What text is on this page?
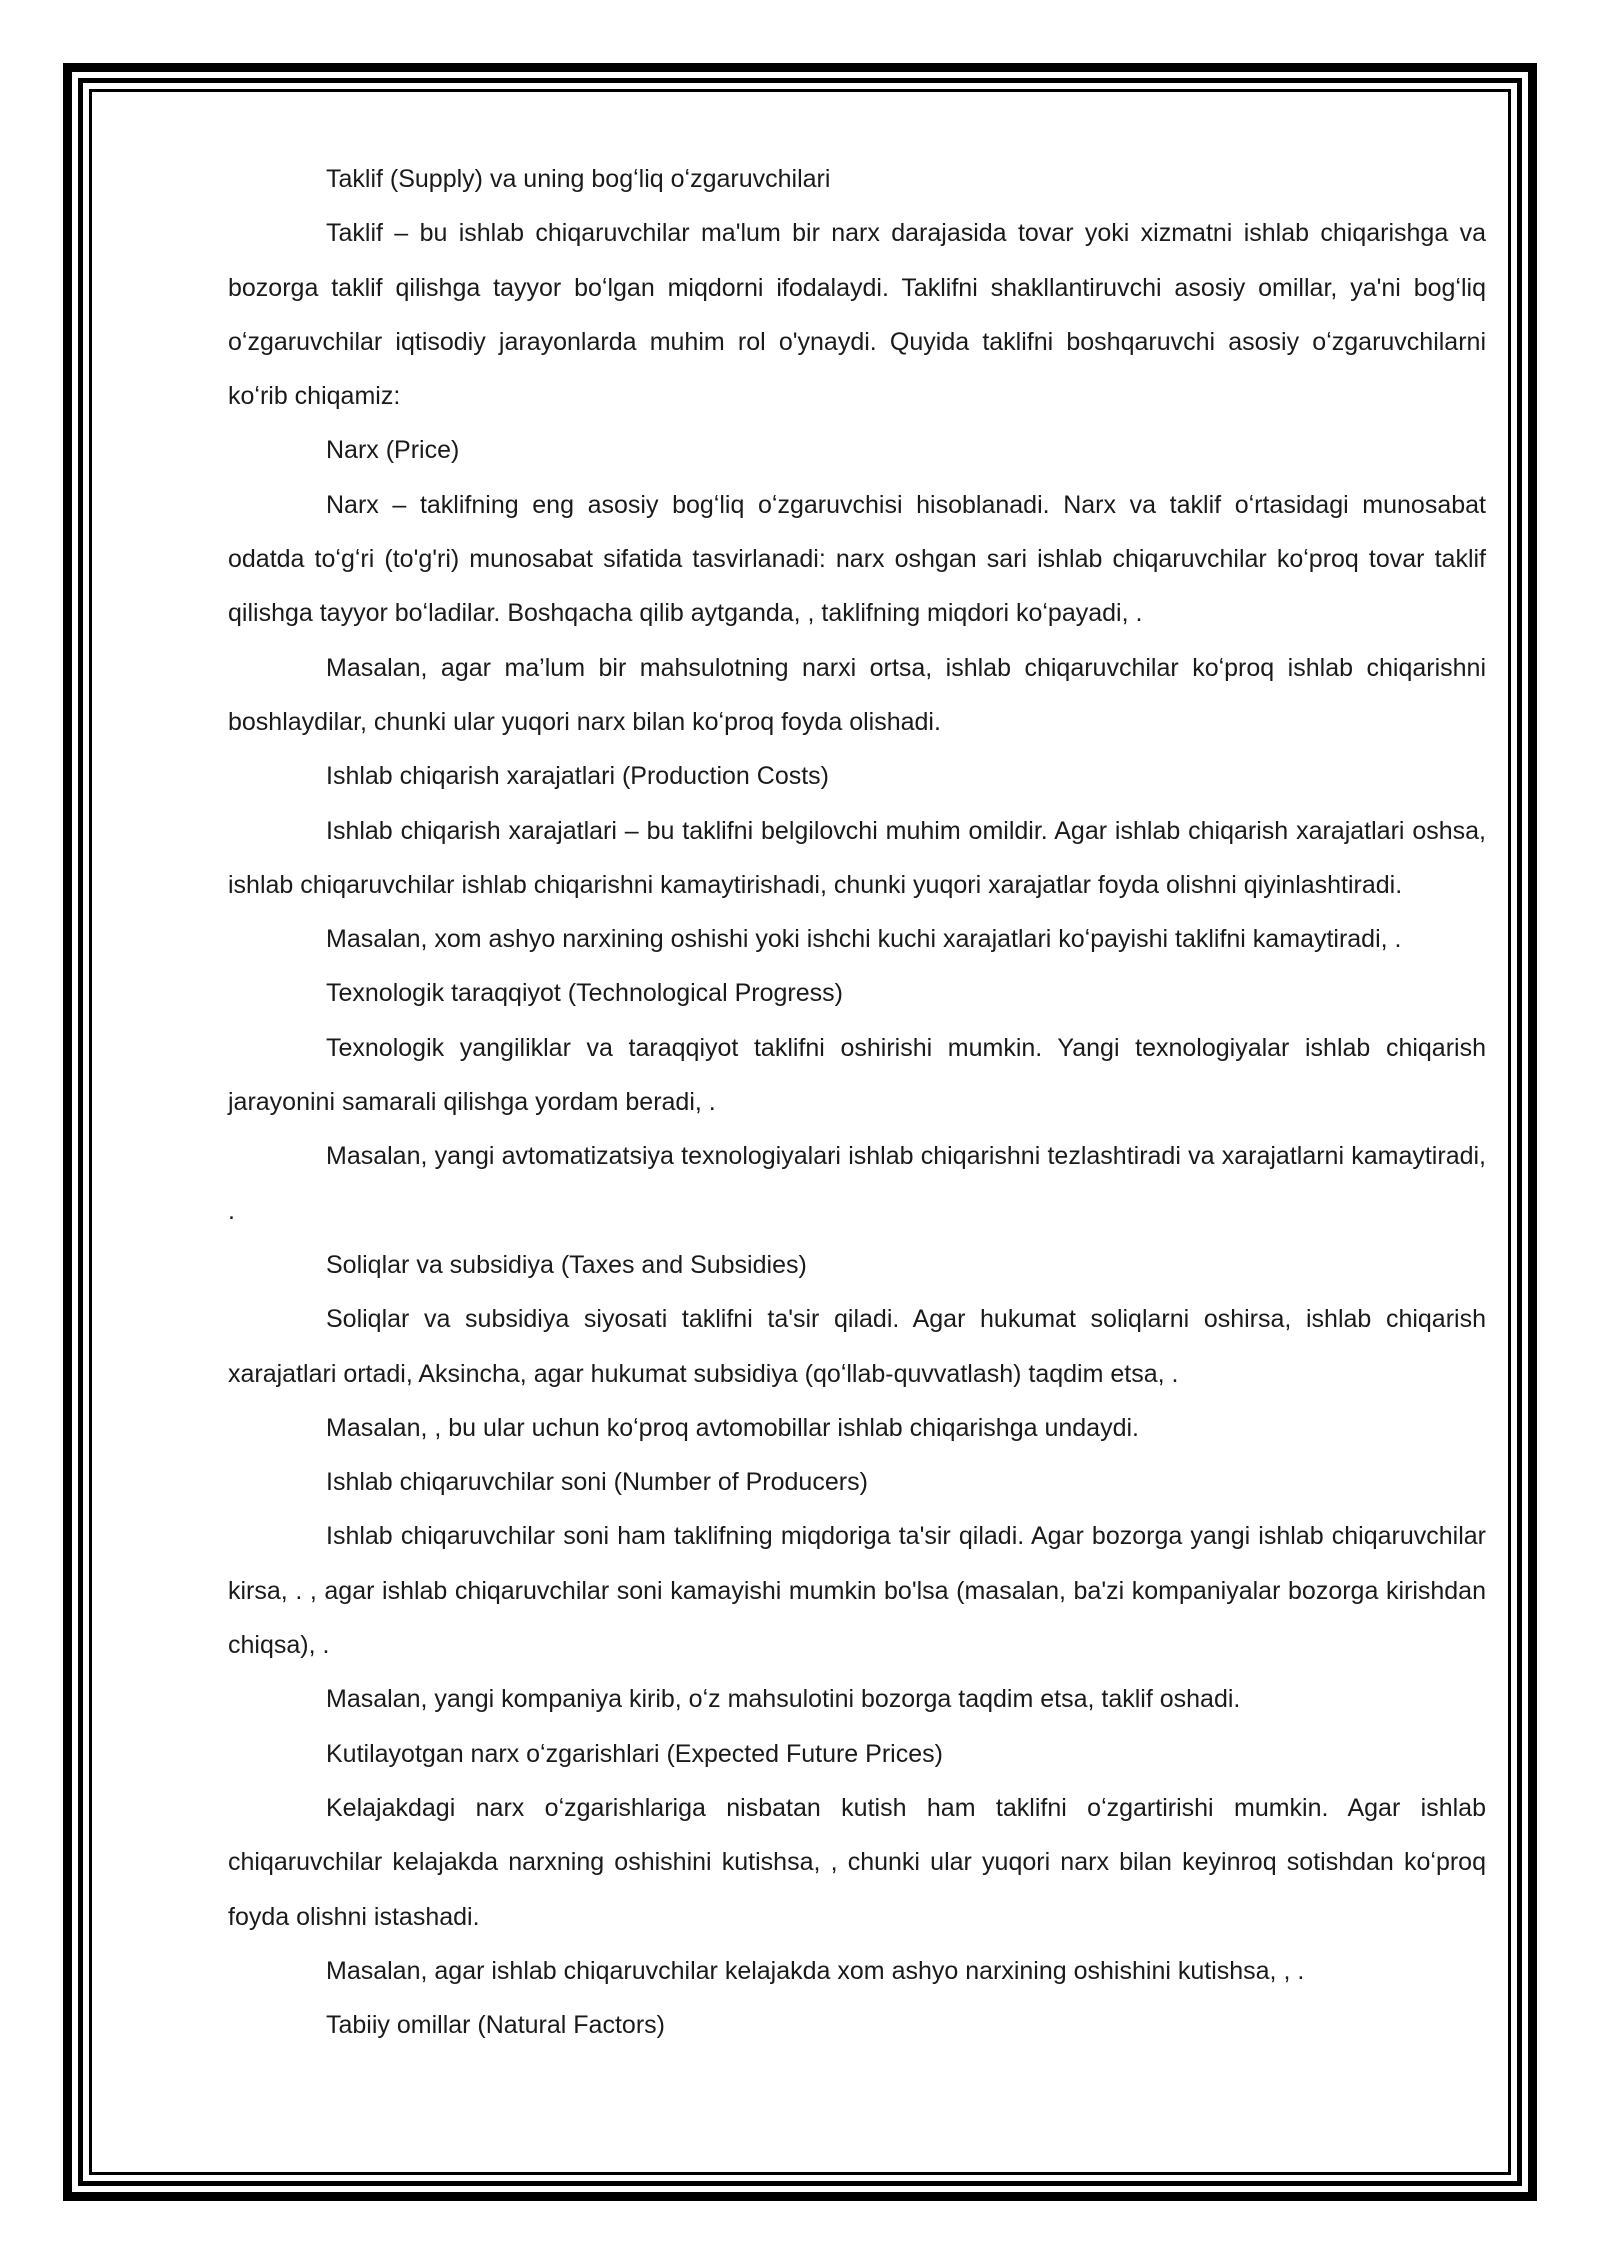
Taklif (Supply) va uning bogʻliq oʻzgaruvchilari

Taklif – bu ishlab chiqaruvchilar ma'lum bir narx darajasida tovar yoki xizmatni ishlab chiqarishga va bozorga taklif qilishga tayyor boʻlgan miqdorni ifodalaydi. Taklifni shakllantiruvchi asosiy omillar, ya'ni bogʻliq oʻzgaruvchilar iqtisodiy jarayonlarda muhim rol o'ynaydi. Quyida taklifni boshqaruvchi asosiy oʻzgaruvchilarni koʻrib chiqamiz:

Narx (Price)

Narx – taklifning eng asosiy bogʻliq oʻzgaruvchisi hisoblanadi. Narx va taklif oʻrtasidagi munosabat odatda toʻgʻri (to'g'ri) munosabat sifatida tasvirlanadi: narx oshgan sari ishlab chiqaruvchilar koʻproq tovar taklif qilishga tayyor boʻladilar. Boshqacha qilib aytganda, , taklifning miqdori koʻpayadi, .

Masalan, agar ma’lum bir mahsulotning narxi ortsa, ishlab chiqaruvchilar koʻproq ishlab chiqarishni boshlaydilar, chunki ular yuqori narx bilan koʻproq foyda olishadi.

Ishlab chiqarish xarajatlari (Production Costs)

Ishlab chiqarish xarajatlari – bu taklifni belgilovchi muhim omildir. Agar ishlab chiqarish xarajatlari oshsa, ishlab chiqaruvchilar ishlab chiqarishni kamaytirishadi, chunki yuqori xarajatlar foyda olishni qiyinlashtiradi.

Masalan, xom ashyo narxining oshishi yoki ishchi kuchi xarajatlari koʻpayishi taklifni kamaytiradi, .

Texnologik taraqqiyot (Technological Progress)

Texnologik yangiliklar va taraqqiyot taklifni oshirishi mumkin. Yangi texnologiyalar ishlab chiqarish jarayonini samarali qilishga yordam beradi, .

Masalan, yangi avtomatizatsiya texnologiyalari ishlab chiqarishni tezlashtiradi va xarajatlarni kamaytiradi, .

Soliqlar va subsidiya (Taxes and Subsidies)

Soliqlar va subsidiya siyosati taklifni ta'sir qiladi. Agar hukumat soliqlarni oshirsa, ishlab chiqarish xarajatlari ortadi, Aksincha, agar hukumat subsidiya (qoʻllab-quvvatlash) taqdim etsa, .

Masalan, , bu ular uchun koʻproq avtomobillar ishlab chiqarishga undaydi.

Ishlab chiqaruvchilar soni (Number of Producers)

Ishlab chiqaruvchilar soni ham taklifning miqdoriga ta'sir qiladi. Agar bozorga yangi ishlab chiqaruvchilar kirsa, . , agar ishlab chiqaruvchilar soni kamayishi mumkin bo'lsa (masalan, ba'zi kompaniyalar bozorga kirishdan chiqsa), .

Masalan, yangi kompaniya kirib, oʻz mahsulotini bozorga taqdim etsa, taklif oshadi.

Kutilayotgan narx oʻzgarishlari (Expected Future Prices)

Kelajakdagi narx oʻzgarishlariga nisbatan kutish ham taklifni oʻzgartirishi mumkin. Agar ishlab chiqaruvchilar kelajakda narxning oshishini kutishsa, , chunki ular yuqori narx bilan keyinroq sotishdan koʻproq foyda olishni istashadi.

Masalan, agar ishlab chiqaruvchilar kelajakda xom ashyo narxining oshishini kutishsa, , .

Tabiiy omillar (Natural Factors)
